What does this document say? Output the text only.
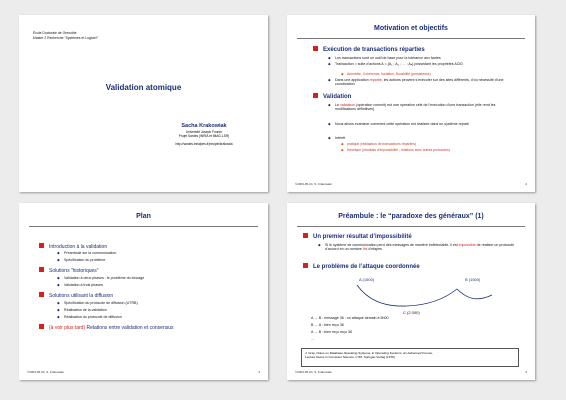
École Doctorale de Grenoble
Master 2 Recherche “Systèmes et Logiciel”
Validation atomique
Sacha Krakowiak
Université Joseph Fourier
Projet Sardes (INRIA et IMAG-LSR)
http://sardes.inrialpes.fr/people/krakowia
Motivation et objectifs
Exécution de transactions réparties
◆ Les transactions sont un outil de base pour la tolérance aux fautes
◆ Transaction = suite d’actions A = {A₁ ; A₂ ; … ; Aₙ} possédant les propriétés ACID
◆ Atomicité, Cohérence, Isolation, Durabilité (persistence)
◆ Dans une application répartie, les actions peuvent s’exécuter sur des sites différents, d’où nécessité d’une coordination
Validation
◆ Le validation (opération commit) est une opération célé de l’exécution d’une transaction (elle rend les modifications définitives)
◆ Nous allons examiner comment cette opération est réalisée dans un système réparti
◆ Intérêt
◆ pratique (réalisation de transactions réparties)
◆ théorique (résultats d’impossibilité ; relations avec autres protocoles)
©2003-05-04, S. Krakowiak	2
Plan
Introduction à la validation
◆ Préambule sur la communication
◆ Spécification du problème
Solutions “historiques”
◆ Validation à deux phases : le problème du blocage
◆ Validation à trois phases
Solutions utilisant la diffusion
◆ Spécification du protocole de diffusion (UTRB)
◆ Réalisation de la validation
◆ Réalisation du protocole de diffusion
(à voir plus tard) Relations entre validation et consensus
©2003-05-04, S. Krakowiak	3
Préambule : le “paradoxe des généraux” (1)
Un premier résultat d’impossibilité
◆ Si le système de communication perd des messages de manière indétectable, il est impossible de réaliser un protocole d’accord en un nombre fini d’étapes
Le problème de l’attaque coordonnée
A (1500)	B (1500)
C (2 000)
A → B : message 36 : on attaque demain à 5h00
B → A : bien reçu 36
A → B : bien reçu reçu 36
...
J. Gray, Notes on Database Operating Systems, in Operating Systems, An Advanced Course,
Lecture Notes in Computer Science, n°60, Springer-Verlag (1978)
©2003-05-04, S. Krakowiak	4
